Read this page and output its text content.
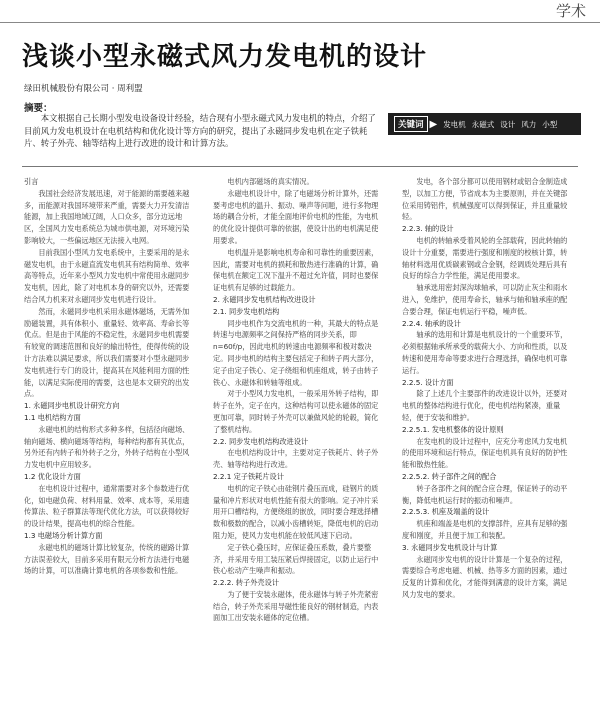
学术
浅谈小型永磁式风力发电机的设计
绿田机械股份有限公司 · 周利盟
摘要：
本文根据自己长期小型发电设备设计经验，结合现有小型永磁式风力发电机的特点，介绍了目前风力发电机设计在电机结构和优化设计等方向的研究，提出了永磁同步发电机在定子铁耗片、转子外壳、轴等结构上进行改进的设计和计算方法。
关键词 ▶ 发电机 永磁式 设计 风力 小型

引言

我国社会经济发展迅速，对于能源的需要越来越多，而能源对我国环境带来严重，需要大力开发清洁能源，加上我国地域辽阔，人口众多，部分边远地区，全国风力发电系统总为城市供电源，对环境污染影响较大，一些偏远地区无法接入电网。

目前我国小型风力发电系统中，主要采用的是永磁发电机，由于永磁直流发电机其有结构简单、效率高等特点，近年来小型风力发电机中常使用永磁同步发电机，因此，除了对电机本身的研究以外，还需要结合风力机来对永磁同步发电机进行设计。

然而，永磁同步电机采用永磁体磁场，无需外加励磁装置，具有体积小、重量轻、效率高、寿命长等优点。但是由于风能的不稳定性，永磁同步电机需要有较宽的调速范围和良好的输出特性，使得传统的设计方法难以满足要求，所以我们需要对小型永磁同步发电机进行专门的设计，提高其在风能利用方面的性能，以满足实际使用的需要，这也是本文研究的出发点。

1. 永磁同步电机设计研究方向

1.1 电机结构方面

永磁电机的结构形式多种多样，包括径向磁场、轴向磁场、横向磁场等结构，每种结构都有其优点，另外还有内转子和外转子之分，外转子结构在小型风力发电机中应用较多。

1.2 优化设计方面

在电机设计过程中，通常需要对多个参数进行优化，如电磁负荷、材料用量、效率、成本等，采用遗传算法、粒子群算法等现代优化方法，可以获得较好的设计结果，提高电机的综合性能。

1.3 电磁场分析计算方面

永磁电机的磁场计算比较复杂，传统的磁路计算方法误差较大，目前多采用有限元分析方法进行电磁场的计算，可以准确计算电机的各项参数和性能。

电机内部磁场的真实情况。

永磁电机设计中，除了电磁场分析计算外，还需要考虑电机的温升、振动、噪声等问题，进行多物理场的耦合分析，才能全面地评价电机的性能，为电机的优化设计提供可靠的依据，使设计出的电机满足使用要求。

电机温升是影响电机寿命和可靠性的重要因素，因此，需要对电机的损耗和散热进行准确的计算，确保电机在额定工况下温升不超过允许值，同时也要保证电机有足够的过载能力。

2. 永磁同步发电机结构改进设计

2.1. 同步发电机结构

同步电机作为交流电机的一种，其最大的特点是转速与电源频率之间保持严格的同步关系，即n=60f/p，因此电机的转速由电源频率和极对数决定。同步电机的结构主要包括定子和转子两大部分，定子由定子铁心、定子绕组和机座组成，转子由转子铁心、永磁体和转轴等组成。

对于小型风力发电机，一般采用外转子结构，即转子在外，定子在内，这种结构可以使永磁体的固定更加可靠，同时转子外壳可以兼做风轮的轮毂，简化了整机结构。

2.2. 同步发电机结构改进设计

在电机结构设计中，主要对定子铁耗片、转子外壳、轴等结构进行改进。

2.2.1 定子铁耗片设计

电机的定子铁心由硅钢片叠压而成，硅钢片的质量和冲片形状对电机性能有很大的影响。定子冲片采用开口槽结构，方便绕组的嵌放，同时要合理选择槽数和极数的配合，以减小齿槽转矩，降低电机的启动阻力矩，使风力发电机能在较低风速下启动。

定子铁心叠压时，应保证叠压系数，叠片要整齐，并采用专用工装压紧后焊接固定，以防止运行中铁心松动产生噪声和振动。

2.2.2. 转子外壳设计

为了便于安装永磁体，使永磁体与转子外壳紧密结合，转子外壳采用导磁性能良好的钢材制造，内表面加工出安装永磁体的定位槽。

发电，各个部分都可以使用钢材或铝合金制造成型，以加工方便，节省成本为主要原则，并在关键部位采用铸铝件，机械强度可以得到保证，并且重量较轻。

2.2.3. 轴的设计

电机的转轴承受着风轮的全部载荷，因此转轴的设计十分重要，需要进行强度和刚度的校核计算，转轴材料选用优质碳素钢或合金钢，经调质处理后具有良好的综合力学性能，满足使用要求。

轴承选用密封深沟球轴承，可以防止灰尘和雨水进入，免维护，使用寿命长，轴承与轴和轴承座的配合要合理，保证电机运行平稳，噪声低。

2.2.4. 轴承的设计

轴承的选用和计算是电机设计的一个重要环节，必须根据轴承所承受的载荷大小、方向和性质，以及转速和使用寿命等要求进行合理选择，确保电机可靠运行。

2.2.5. 设计方面

除了上述几个主要部件的改进设计以外，还要对电机的整体结构进行优化，使电机结构紧凑，重量轻，便于安装和维护。

2.2.5.1. 发电机整体的设计原则

在发电机的设计过程中，应充分考虑风力发电机的使用环境和运行特点，保证电机具有良好的防护性能和散热性能。

2.2.5.2. 转子部件之间的配合

转子各部件之间的配合应合理，保证转子的动平衡，降低电机运行时的振动和噪声。

2.2.5.3. 机座及端盖的设计

机座和端盖是电机的支撑部件，应具有足够的强度和刚度，并且便于加工和装配。

3. 永磁同步发电机设计与计算

永磁同步发电机的设计计算是一个复杂的过程，需要综合考虑电磁、机械、热等多方面的因素，通过反复的计算和优化，才能得到满意的设计方案，满足风力发电的要求。
